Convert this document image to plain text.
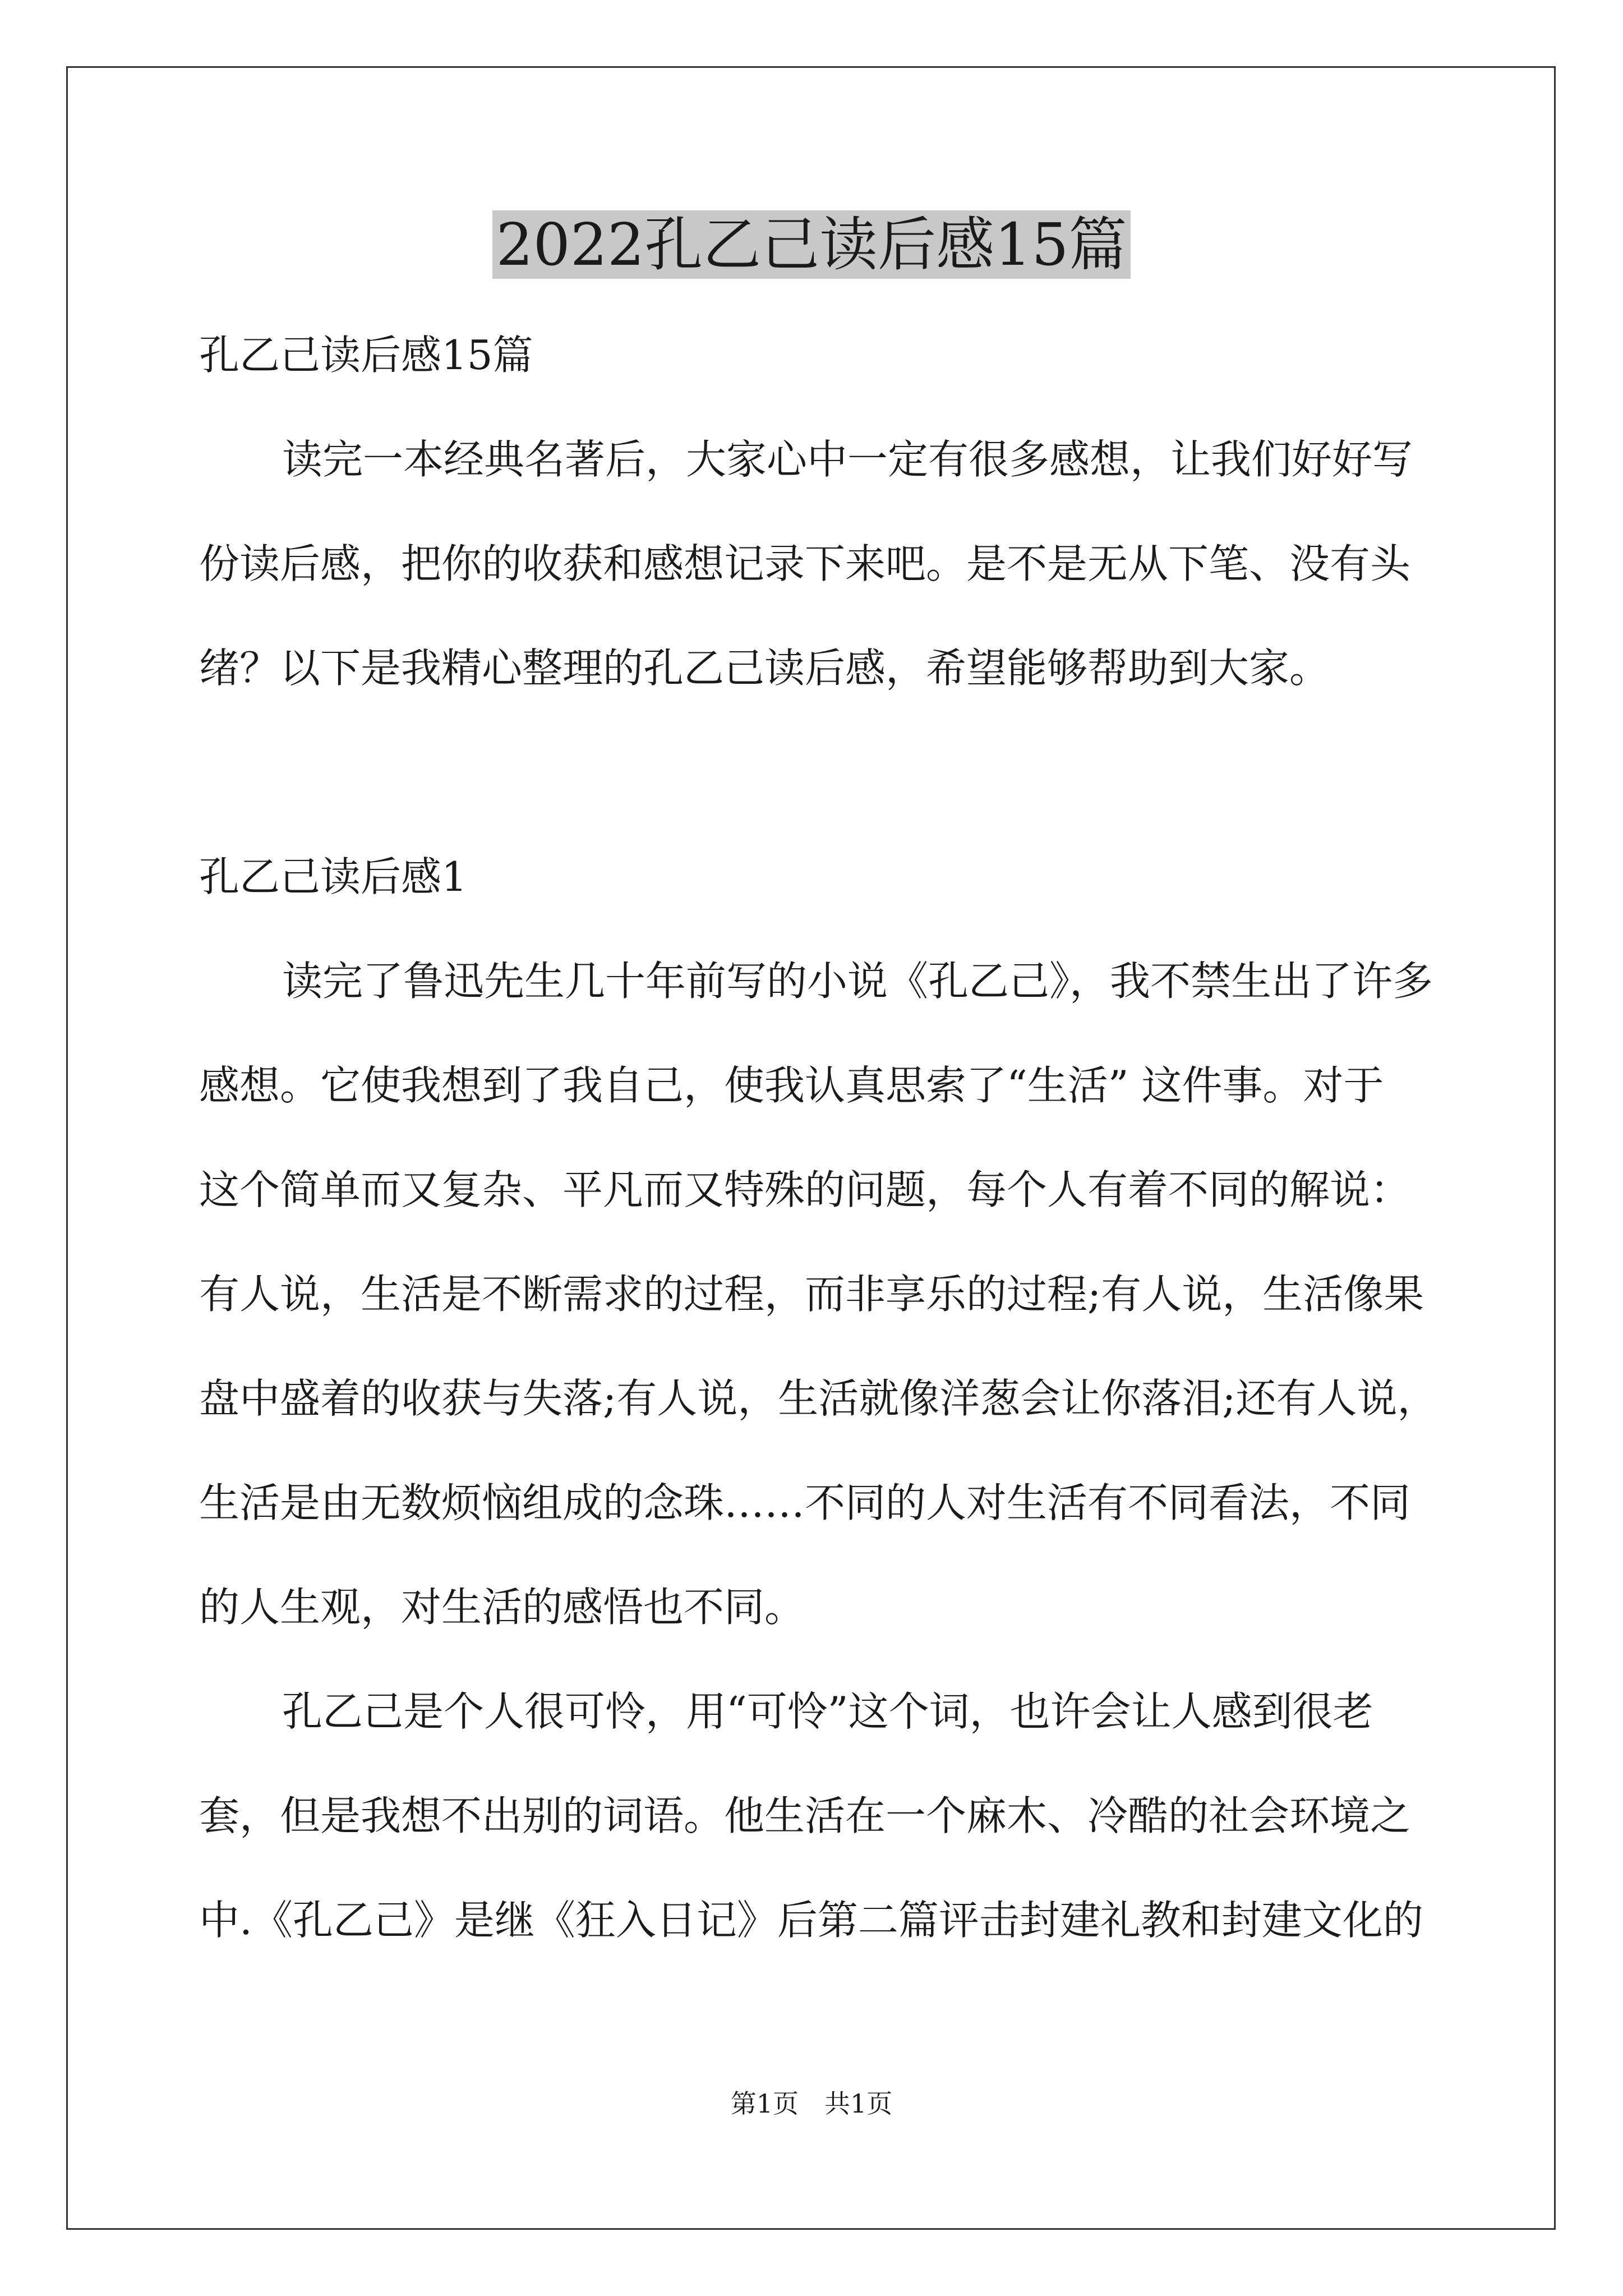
2022孔乙己读后感15篇
孔乙己读后感15篇
读完一本经典名著后，大家心中一定有很多感想，让我们好好写
份读后感，把你的收获和感想记录下来吧。是不是无从下笔、没有头
绪？以下是我精心整理的孔乙己读后感，希望能够帮助到大家。
孔乙己读后感1
读完了鲁迅先生几十年前写的小说《孔乙己》，我不禁生出了许多
感想。它使我想到了我自己，使我认真思索了“生活” 这件事。对于
这个简单而又复杂、平凡而又特殊的问题，每个人有着不同的解说：
有人说，生活是不断需求的过程，而非享乐的过程;有人说，生活像果
盘中盛着的收获与失落;有人说，生活就像洋葱会让你落泪;还有人说，
生活是由无数烦恼组成的念珠……不同的人对生活有不同看法，不同
的人生观，对生活的感悟也不同。
孔乙己是个人很可怜，用“可怜”这个词，也许会让人感到很老
套，但是我想不出别的词语。他生活在一个麻木、冷酷的社会环境之
中.《孔乙己》是继《狂入日记》后第二篇评击封建礼教和封建文化的
第1页 共1页
